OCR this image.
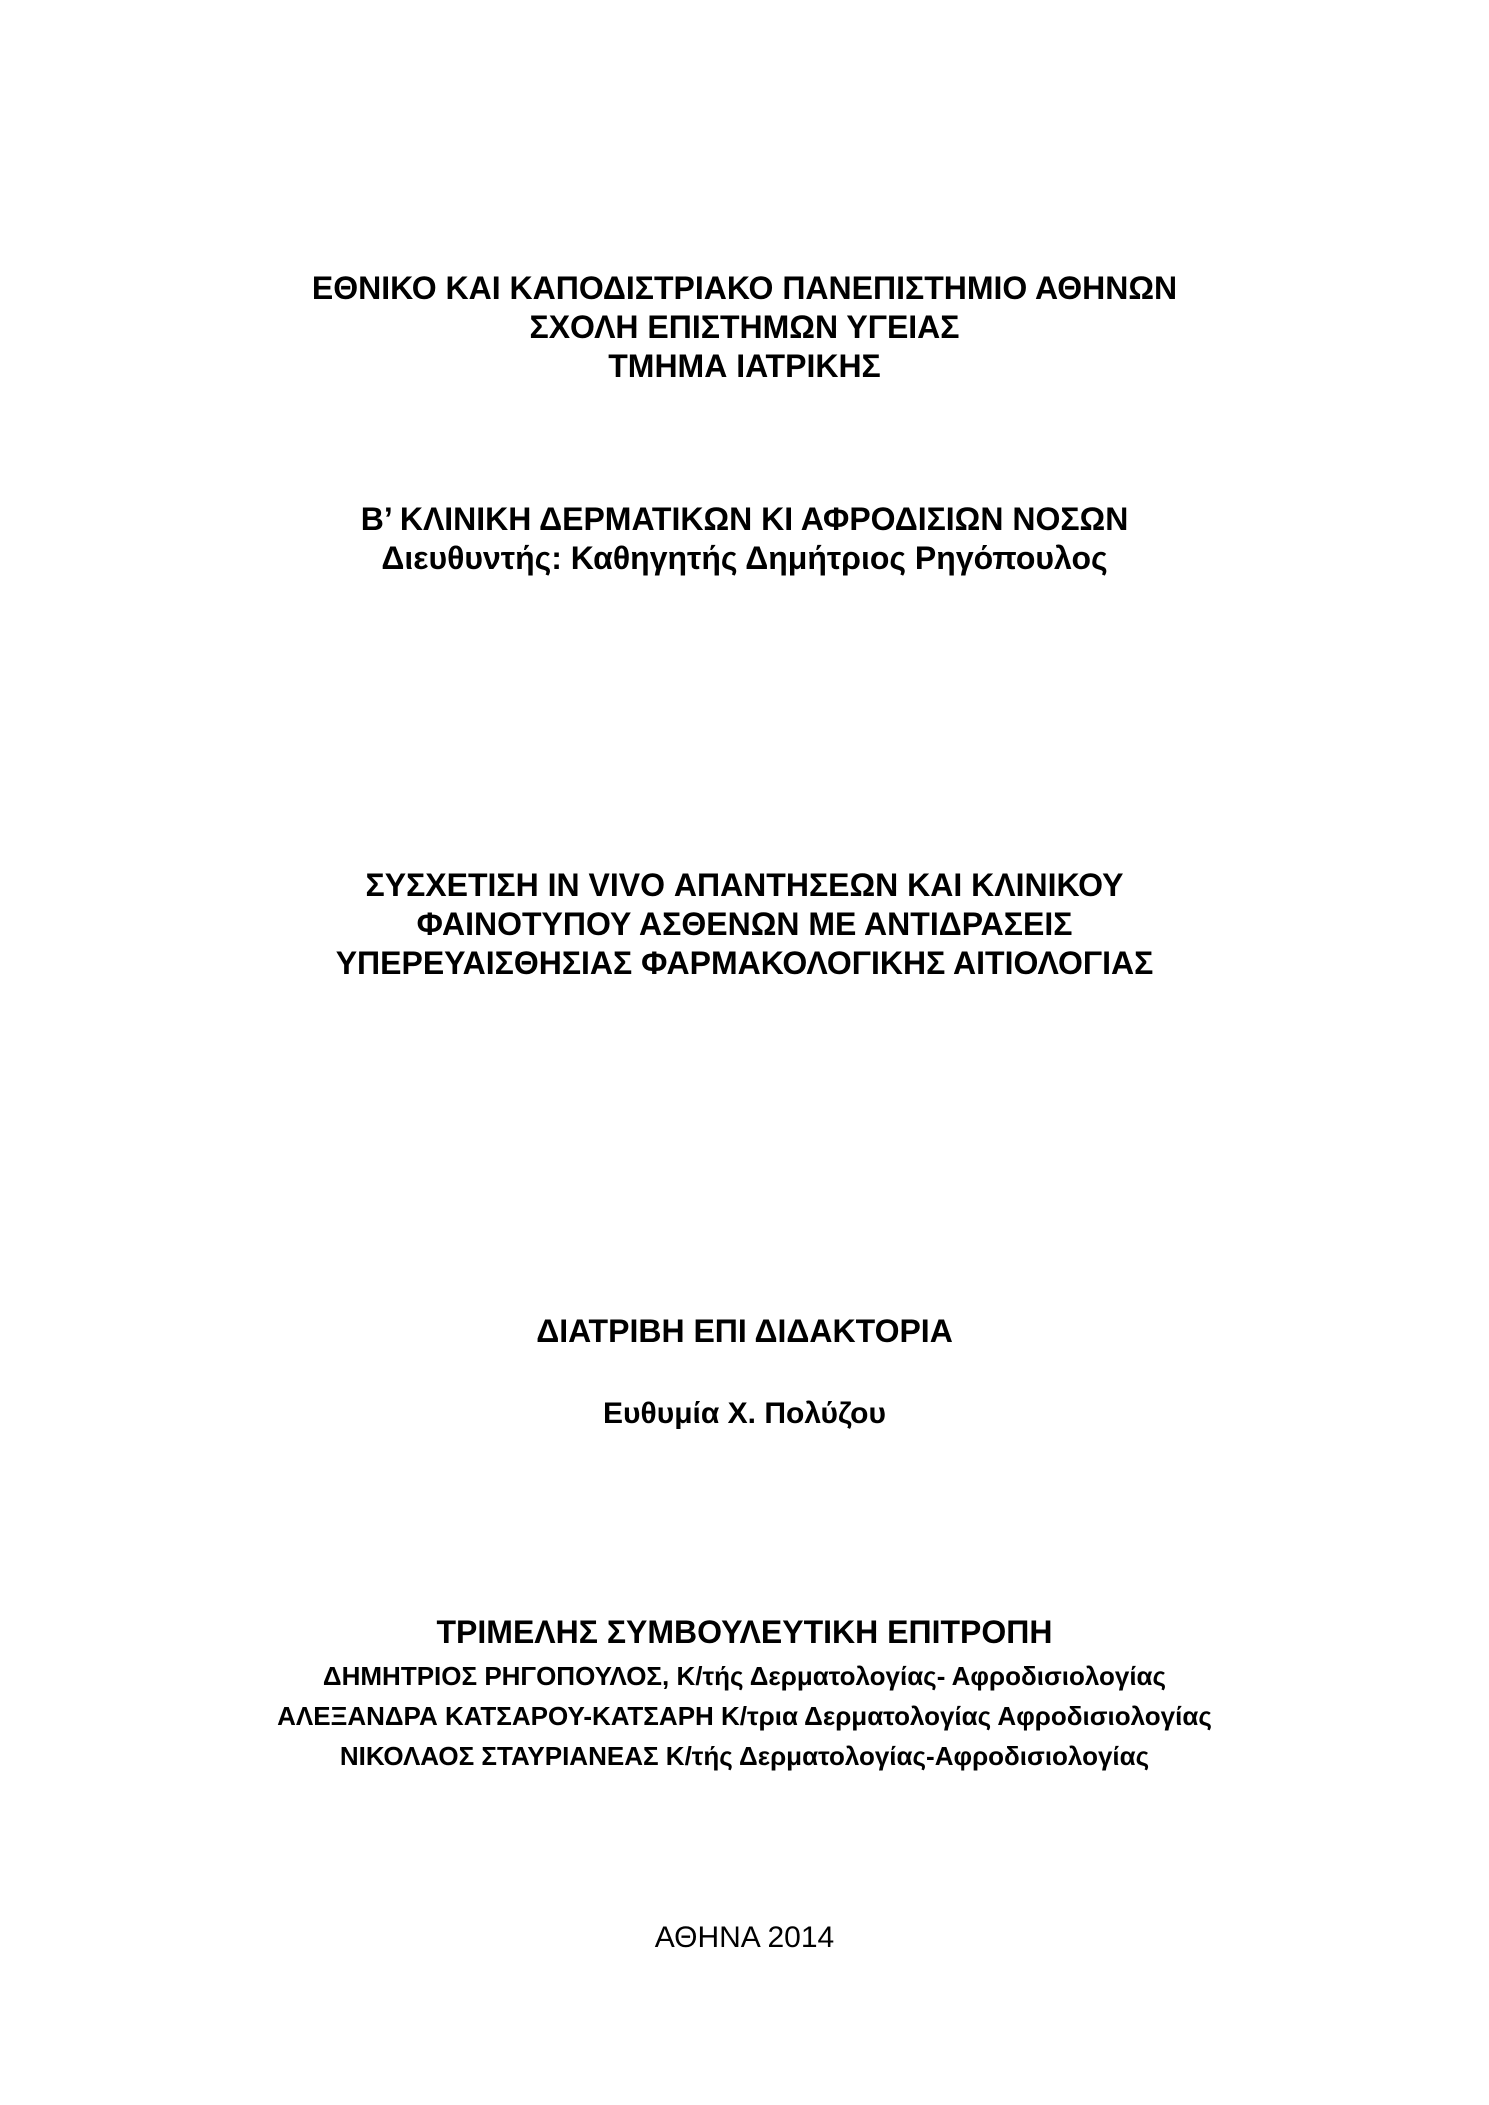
ΕΘΝΙΚΟ ΚΑΙ ΚΑΠΟΔΙΣΤΡΙΑΚΟ ΠΑΝΕΠΙΣΤΗΜΙΟ ΑΘΗΝΩΝ
ΣΧΟΛΗ ΕΠΙΣΤΗΜΩΝ ΥΓΕΙΑΣ
ΤΜΗΜΑ ΙΑΤΡΙΚΗΣ
Β’ ΚΛΙΝΙΚΗ ΔΕΡΜΑΤΙΚΩΝ ΚΙ ΑΦΡΟΔΙΣΙΩΝ ΝΟΣΩΝ
Διευθυντής: Καθηγητής Δημήτριος Ρηγόπουλος
ΣΥΣΧΕΤΙΣΗ IN VIVO ΑΠΑΝΤΗΣΕΩΝ ΚΑΙ ΚΛΙΝΙΚΟΥ
ΦΑΙΝΟΤΥΠΟΥ ΑΣΘΕΝΩΝ ΜΕ ΑΝΤΙΔΡΑΣΕΙΣ
ΥΠΕΡΕΥΑΙΣΘΗΣΙΑΣ ΦΑΡΜΑΚΟΛΟΓΙΚΗΣ ΑΙΤΙΟΛΟΓΙΑΣ
ΔΙΑΤΡΙΒΗ ΕΠΙ ΔΙΔΑΚΤΟΡΙΑ
Ευθυμία Χ. Πολύζου
ΤΡΙΜΕΛΗΣ ΣΥΜΒΟΥΛΕΥΤΙΚΗ ΕΠΙΤΡΟΠΗ
ΔΗΜΗΤΡΙΟΣ ΡΗΓΟΠΟΥΛΟΣ, Κ/τής Δερματολογίας- Αφροδισιολογίας
ΑΛΕΞΑΝΔΡΑ ΚΑΤΣΑΡΟΥ-ΚΑΤΣΑΡΗ Κ/τρια Δερματολογίας Αφροδισιολογίας
ΝΙΚΟΛΑΟΣ ΣΤΑΥΡΙΑΝΕΑΣ Κ/τής Δερματολογίας-Αφροδισιολογίας
ΑΘΗΝΑ 2014
